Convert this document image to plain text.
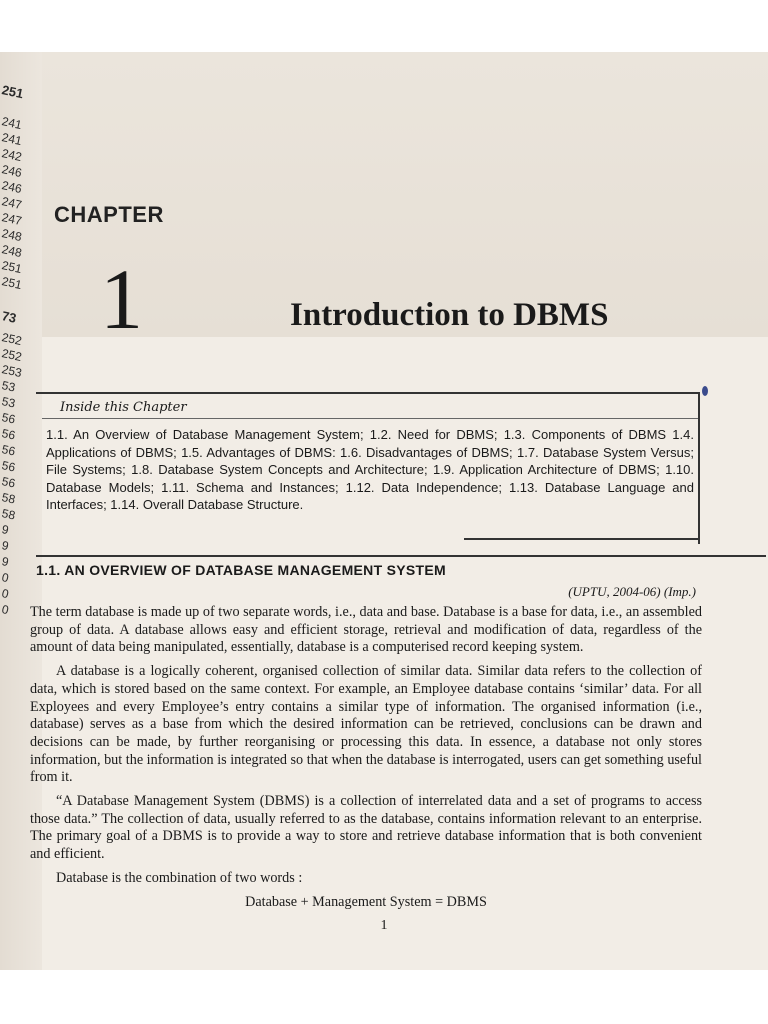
251
241
241
242
246
246
247
247
248
248
251
251
73
252
252
253
53
53
56
56
56
56
56
58
58
9
9
9
0
0
0
CHAPTER
1	Introduction to DBMS
Inside this Chapter
1.1. An Overview of Database Management System; 1.2. Need for DBMS; 1.3. Components of DBMS 1.4. Applications of DBMS; 1.5. Advantages of DBMS: 1.6. Disadvantages of DBMS; 1.7. Database System Versus; File Systems; 1.8. Database System Concepts and Architecture; 1.9. Application Architecture of DBMS; 1.10. Database Models; 1.11. Schema and Instances; 1.12. Data Independence; 1.13. Database Language and Interfaces; 1.14. Overall Database Structure.
1.1. AN OVERVIEW OF DATABASE MANAGEMENT SYSTEM
(UPTU, 2004-06) (Imp.)

The term database is made up of two separate words, i.e., data and base. Database is a base for data, i.e., an assembled group of data. A database allows easy and efficient storage, retrieval and modification of data, regardless of the amount of data being manipulated, essentially, database is a computerised record keeping system.

A database is a logically coherent, organised collection of similar data. Similar data refers to the collection of data, which is stored based on the same context. For example, an Employee database contains ‘similar’ data. For all Exployees and every Employee’s entry contains a similar type of information. The organised information (i.e., database) serves as a base from which the desired information can be retrieved, conclusions can be drawn and decisions can be made, by further reorganising or processing this data. In essence, a database not only stores information, but the information is integrated so that when the database is interrogated, users can get something useful from it.

“A Database Management System (DBMS) is a collection of interrelated data and a set of programs to access those data.” The collection of data, usually referred to as the database, contains information relevant to an enterprise. The primary goal of a DBMS is to provide a way to store and retrieve database information that is both convenient and efficient.

Database is the combination of two words :

Database + Management System = DBMS
1
